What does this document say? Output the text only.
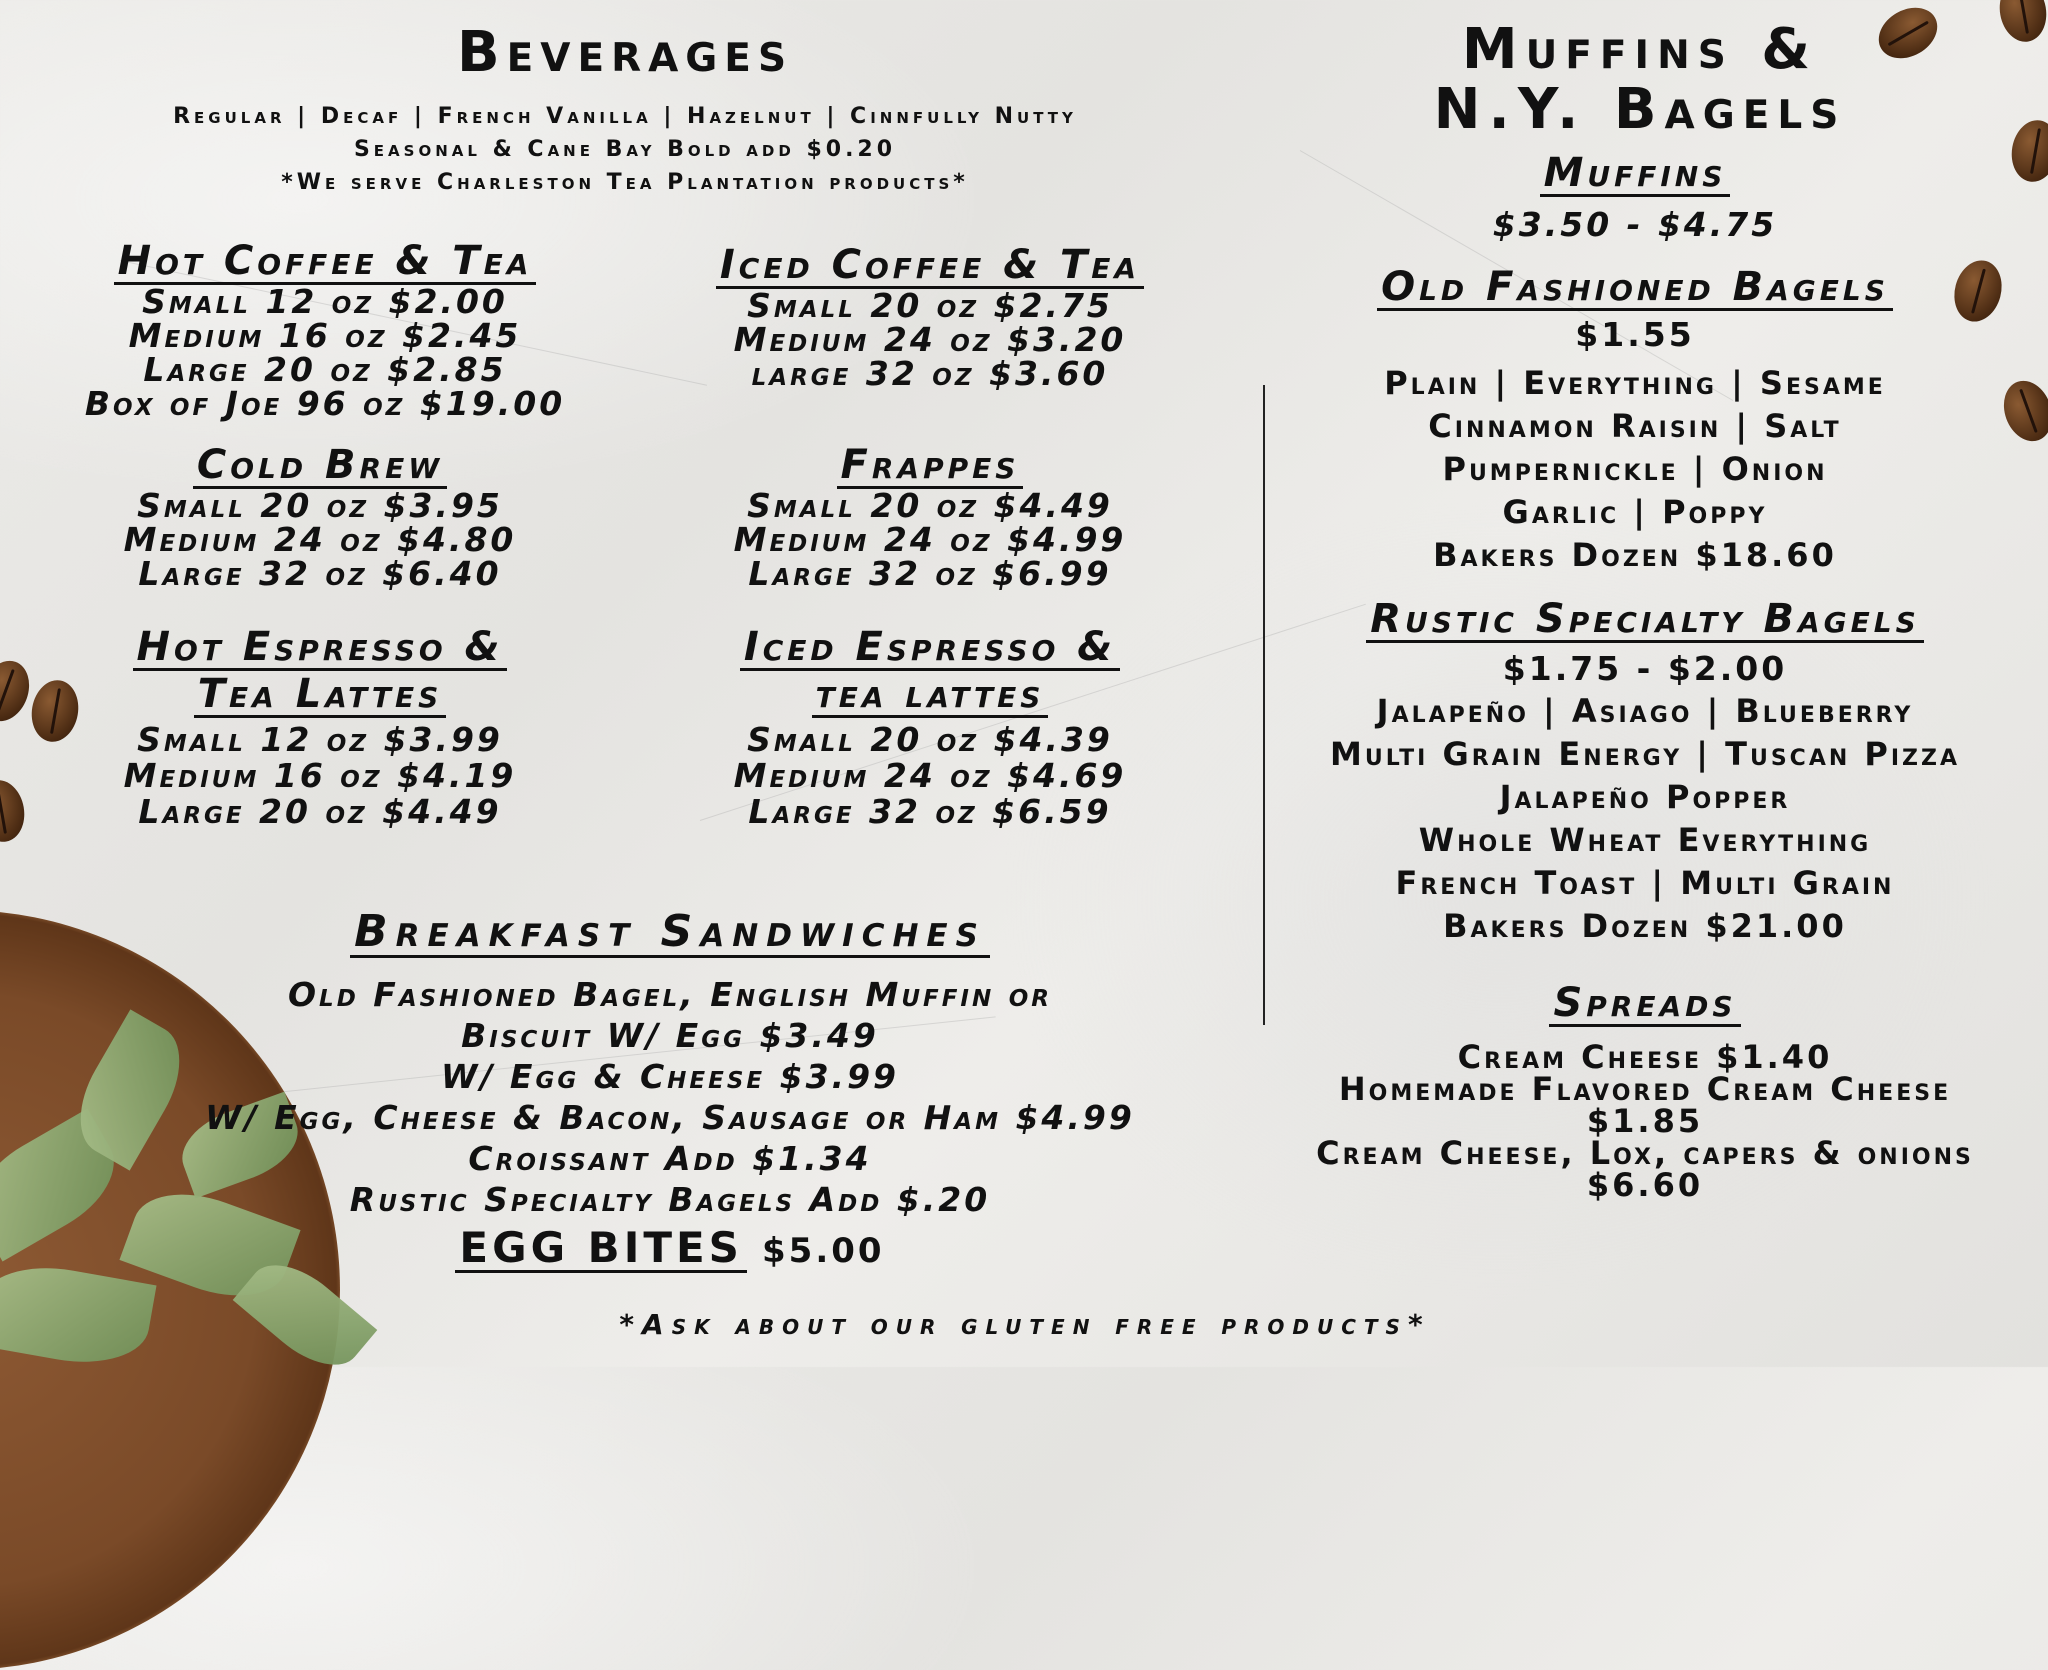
Beverages
Regular | Decaf | French Vanilla | Hazelnut | Cinnfully Nutty
Seasonal & Cane Bay Bold add $0.20
*We serve Charleston Tea Plantation products*
Hot Coffee & Tea
Small 12 oz $2.00
Medium 16 oz $2.45
Large 20 oz $2.85
Box of Joe 96 oz $19.00
Iced Coffee & Tea
Small 20 oz $2.75
Medium 24 oz $3.20
large 32 oz $3.60
Cold Brew
Small 20 oz $3.95
Medium 24 oz $4.80
Large 32 oz $6.40
Frappes
Small 20 oz $4.49
Medium 24 oz $4.99
Large 32 oz $6.99
Hot Espresso &
Tea Lattes
Small 12 oz $3.99
Medium 16 oz $4.19
Large 20 oz $4.49
Iced Espresso &
tea lattes
Small 20 oz $4.39
Medium 24 oz $4.69
Large 32 oz $6.59
Breakfast Sandwiches
Old Fashioned Bagel, English Muffin or
Biscuit W/ Egg $3.49
W/ Egg & Cheese $3.99
W/ Egg, Cheese & Bacon, Sausage or Ham $4.99
Croissant Add $1.34
Rustic Specialty Bagels Add $.20
EGG BITES $5.00
Muffins &
N.Y. Bagels
Muffins
$3.50 - $4.75
Old Fashioned Bagels
$1.55
Plain | Everything | Sesame
Cinnamon Raisin | Salt
Pumpernickle | Onion
Garlic | Poppy
Bakers Dozen $18.60
Rustic Specialty Bagels
$1.75 - $2.00
Jalapeño | Asiago | Blueberry
Multi Grain Energy | Tuscan Pizza
Jalapeño Popper
Whole Wheat Everything
French Toast | Multi Grain
Bakers Dozen $21.00
Spreads
Cream Cheese $1.40
Homemade Flavored Cream Cheese
$1.85
Cream Cheese, Lox, capers & onions
$6.60
*Ask about our gluten free products*
